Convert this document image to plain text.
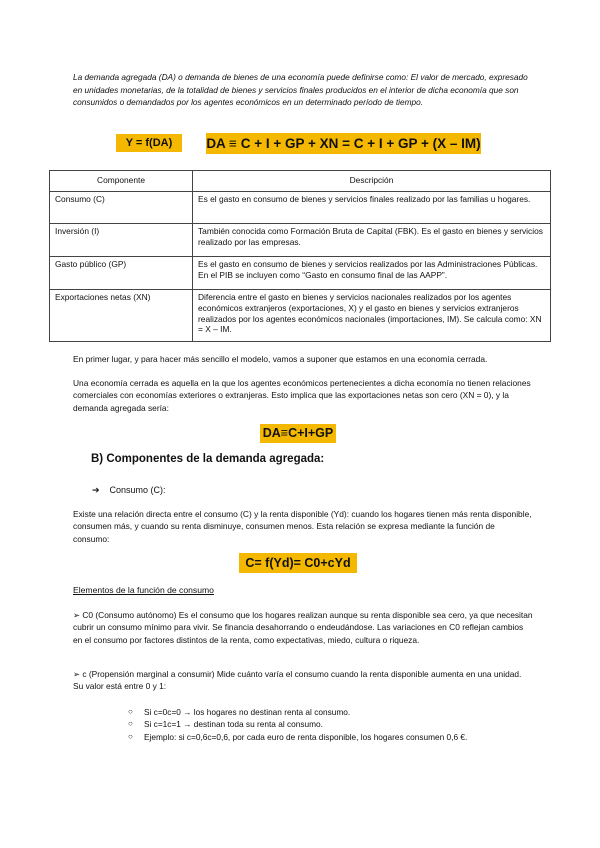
La demanda agregada (DA) o demanda de bienes de una economía puede definirse como: El valor de mercado, expresado en unidades monetarias, de la totalidad de bienes y servicios finales producidos en el interior de dicha economía que son consumidos o demandados por los agentes económicos en un determinado período de tiempo.
Y = f(DA)	DA ≡ C + I + GP + XN = C + I + GP + (X – IM)
Componente	Descripción
Consumo (C)	Es el gasto en consumo de bienes y servicios finales realizado por las familias u hogares.
Inversión (I)	También conocida como Formación Bruta de Capital (FBK). Es el gasto en bienes y servicios realizado por las empresas.
Gasto público (GP)	Es el gasto en consumo de bienes y servicios realizados por las Administraciones Públicas. En el PIB se incluyen como “Gasto en consumo final de las AAPP”.
Exportaciones netas (XN)	Diferencia entre el gasto en bienes y servicios nacionales realizados por los agentes económicos extranjeros (exportaciones, X) y el gasto en bienes y servicios extranjeros realizados por los agentes económicos nacionales (importaciones, IM). Se calcula como: XN = X – IM.
En primer lugar, y para hacer más sencillo el modelo, vamos a suponer que estamos en una economía cerrada.
Una economía cerrada es aquella en la que los agentes económicos pertenecientes a dicha economía no tienen relaciones comerciales con economías exteriores o extranjeras. Esto implica que las exportaciones netas son cero (XN = 0), y la demanda agregada sería:
DA≡C+I+GP
B) Componentes de la demanda agregada:
➔ Consumo (C):
Existe una relación directa entre el consumo (C) y la renta disponible (Yd): cuando los hogares tienen más renta disponible, consumen más, y cuando su renta disminuye, consumen menos. Esta relación se expresa mediante la función de consumo:
C= f(Yd)= C0+cYd
Elementos de la función de consumo
➢ C0 (Consumo autónomo) Es el consumo que los hogares realizan aunque su renta disponible sea cero, ya que necesitan cubrir un consumo mínimo para vivir. Se financia desahorrando o endeudándose. Las variaciones en C0 reflejan cambios en el consumo por factores distintos de la renta, como expectativas, miedo, cultura o riqueza.
➢ c (Propensión marginal a consumir) Mide cuánto varía el consumo cuando la renta disponible aumenta en una unidad. Su valor está entre 0 y 1:
○ Si c=0c=0 → los hogares no destinan renta al consumo.
○ Si c=1c=1 → destinan toda su renta al consumo.
○ Ejemplo: si c=0,6c=0,6, por cada euro de renta disponible, los hogares consumen 0,6 €.
